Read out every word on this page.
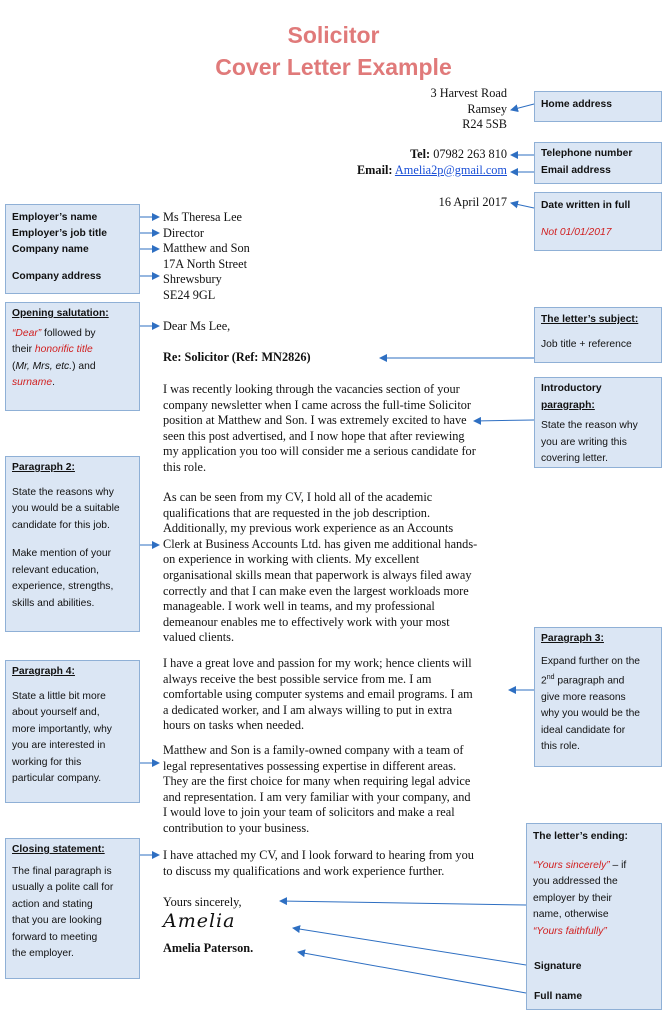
Solicitor
Cover Letter Example
3 Harvest Road
Ramsey
R24 5SB
Tel: 07982 263 810
Email: Amelia2p@gmail.com
16 April 2017
Ms Theresa Lee
Director
Matthew and Son
17A North Street
Shrewsbury
SE24 9GL
Dear Ms Lee,
Re: Solicitor (Ref: MN2826)
I was recently looking through the vacancies section of your
company newsletter when I came across the full-time Solicitor
position at Matthew and Son. I was extremely excited to have
seen this post advertised, and I now hope that after reviewing
my application you too will consider me a serious candidate for
this role.
As can be seen from my CV, I hold all of the academic
qualifications that are requested in the job description.
Additionally, my previous work experience as an Accounts
Clerk at Business Accounts Ltd. has given me additional hands-
on experience in working with clients. My excellent
organisational skills mean that paperwork is always filed away
correctly and that I can make even the largest workloads more
manageable. I work well in teams, and my professional
demeanour enables me to effectively work with your most
valued clients.
I have a great love and passion for my work; hence clients will
always receive the best possible service from me. I am
comfortable using computer systems and email programs. I am
a dedicated worker, and I am always willing to put in extra
hours on tasks when needed.
Matthew and Son is a family-owned company with a team of
legal representatives possessing expertise in different areas.
They are the first choice for many when requiring legal advice
and representation. I am very familiar with your company, and
I would love to join your team of solicitors and make a real
contribution to your business.
I have attached my CV, and I look forward to hearing from you
to discuss my qualifications and work experience further.
Yours sincerely,
Amelia
Amelia Paterson.
Employer’s name
Employer’s job title
Company name
Company address
Opening salutation:
“Dear” followed by
their honorific title
(Mr, Mrs, etc.) and
surname.
Paragraph 2:
State the reasons why
you would be a suitable
candidate for this job.
Make mention of your
relevant education,
experience, strengths,
skills and abilities.
Paragraph 4:
State a little bit more
about yourself and,
more importantly, why
you are interested in
working for this
particular company.
Closing statement:
The final paragraph is
usually a polite call for
action and stating
that you are looking
forward to meeting
the employer.
Home address
Telephone number
Email address
Date written in full
Not 01/01/2017
The letter’s subject:
Job title + reference
Introductory
paragraph:
State the reason why
you are writing this
covering letter.
Paragraph 3:
Expand further on the
2nd paragraph and
give more reasons
why you would be the
ideal candidate for
this role.
The letter’s ending:
“Yours sincerely” – if
you addressed the
employer by their
name, otherwise
“Yours faithfully”
Signature
Full name
